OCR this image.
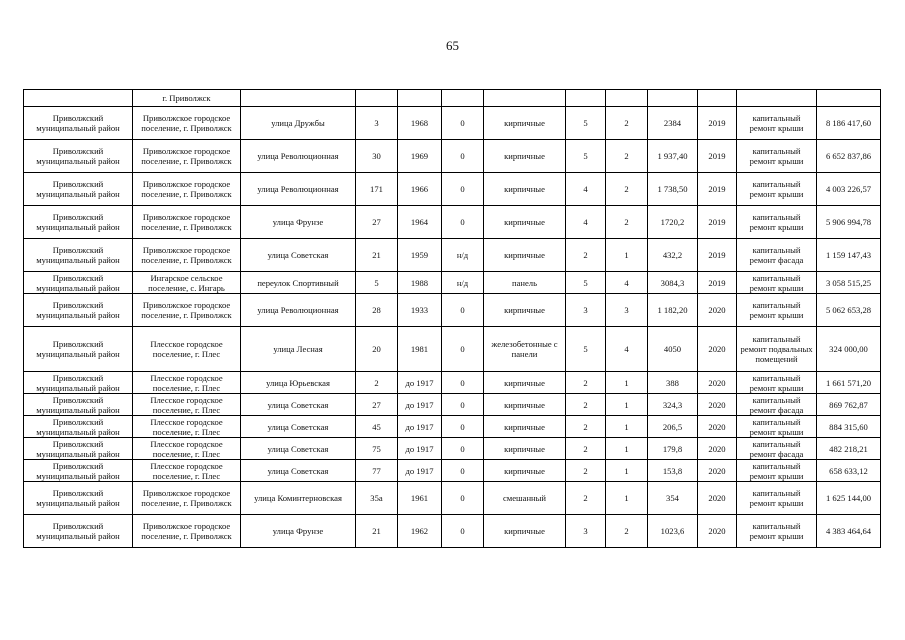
65
	г. Приволжск											
Приволжский муниципальный район	Приволжское городское поселение, г. Приволжск	улица Дружбы	3	1968	0	кирпичные	5	2	2384	2019	капитальный ремонт крыши	8 186 417,60
Приволжский муниципальный район	Приволжское городское поселение, г. Приволжск	улица Революционная	30	1969	0	кирпичные	5	2	1 937,40	2019	капитальный ремонт крыши	6 652 837,86
Приволжский муниципальный район	Приволжское городское поселение, г. Приволжск	улица Революционная	171	1966	0	кирпичные	4	2	1 738,50	2019	капитальный ремонт крыши	4 003 226,57
Приволжский муниципальный район	Приволжское городское поселение, г. Приволжск	улица Фрунзе	27	1964	0	кирпичные	4	2	1720,2	2019	капитальный ремонт крыши	5 906 994,78
Приволжский муниципальный район	Приволжское городское поселение, г. Приволжск	улица Советская	21	1959	н/д	кирпичные	2	1	432,2	2019	капитальный ремонт фасада	1 159 147,43
Приволжский муниципальный район	Ингарское сельское поселение, с. Ингарь	переулок Спортивный	5	1988	н/д	панель	5	4	3084,3	2019	капитальный ремонт крыши	3 058 515,25
Приволжский муниципальный район	Приволжское городское поселение, г. Приволжск	улица Революционная	28	1933	0	кирпичные	3	3	1 182,20	2020	капитальный ремонт крыши	5 062 653,28
Приволжский муниципальный район	Плесское городское поселение, г. Плес	улица Лесная	20	1981	0	железобетонные с панели	5	4	4050	2020	капитальный ремонт подвальных помещений	324 000,00
Приволжский муниципальный район	Плесское городское поселение, г. Плес	улица Юрьевская	2	до 1917	0	кирпичные	2	1	388	2020	капитальный ремонт крыши	1 661 571,20
Приволжский муниципальный район	Плесское городское поселение, г. Плес	улица Советская	27	до 1917	0	кирпичные	2	1	324,3	2020	капитальный ремонт фасада	869 762,87
Приволжский муниципальный район	Плесское городское поселение, г. Плес	улица Советская	45	до 1917	0	кирпичные	2	1	206,5	2020	капитальный ремонт крыши	884 315,60
Приволжский муниципальный район	Плесское городское поселение, г. Плес	улица Советская	75	до 1917	0	кирпичные	2	1	179,8	2020	капитальный ремонт фасада	482 218,21
Приволжский муниципальный район	Плесское городское поселение, г. Плес	улица Советская	77	до 1917	0	кирпичные	2	1	153,8	2020	капитальный ремонт крыши	658 633,12
Приволжский муниципальный район	Приволжское городское поселение, г. Приволжск	улица Коминтерновская	35а	1961	0	смешанный	2	1	354	2020	капитальный ремонт крыши	1 625 144,00
Приволжский муниципальный район	Приволжское городское поселение, г. Приволжск	улица Фрунзе	21	1962	0	кирпичные	3	2	1023,6	2020	капитальный ремонт крыши	4 383 464,64
